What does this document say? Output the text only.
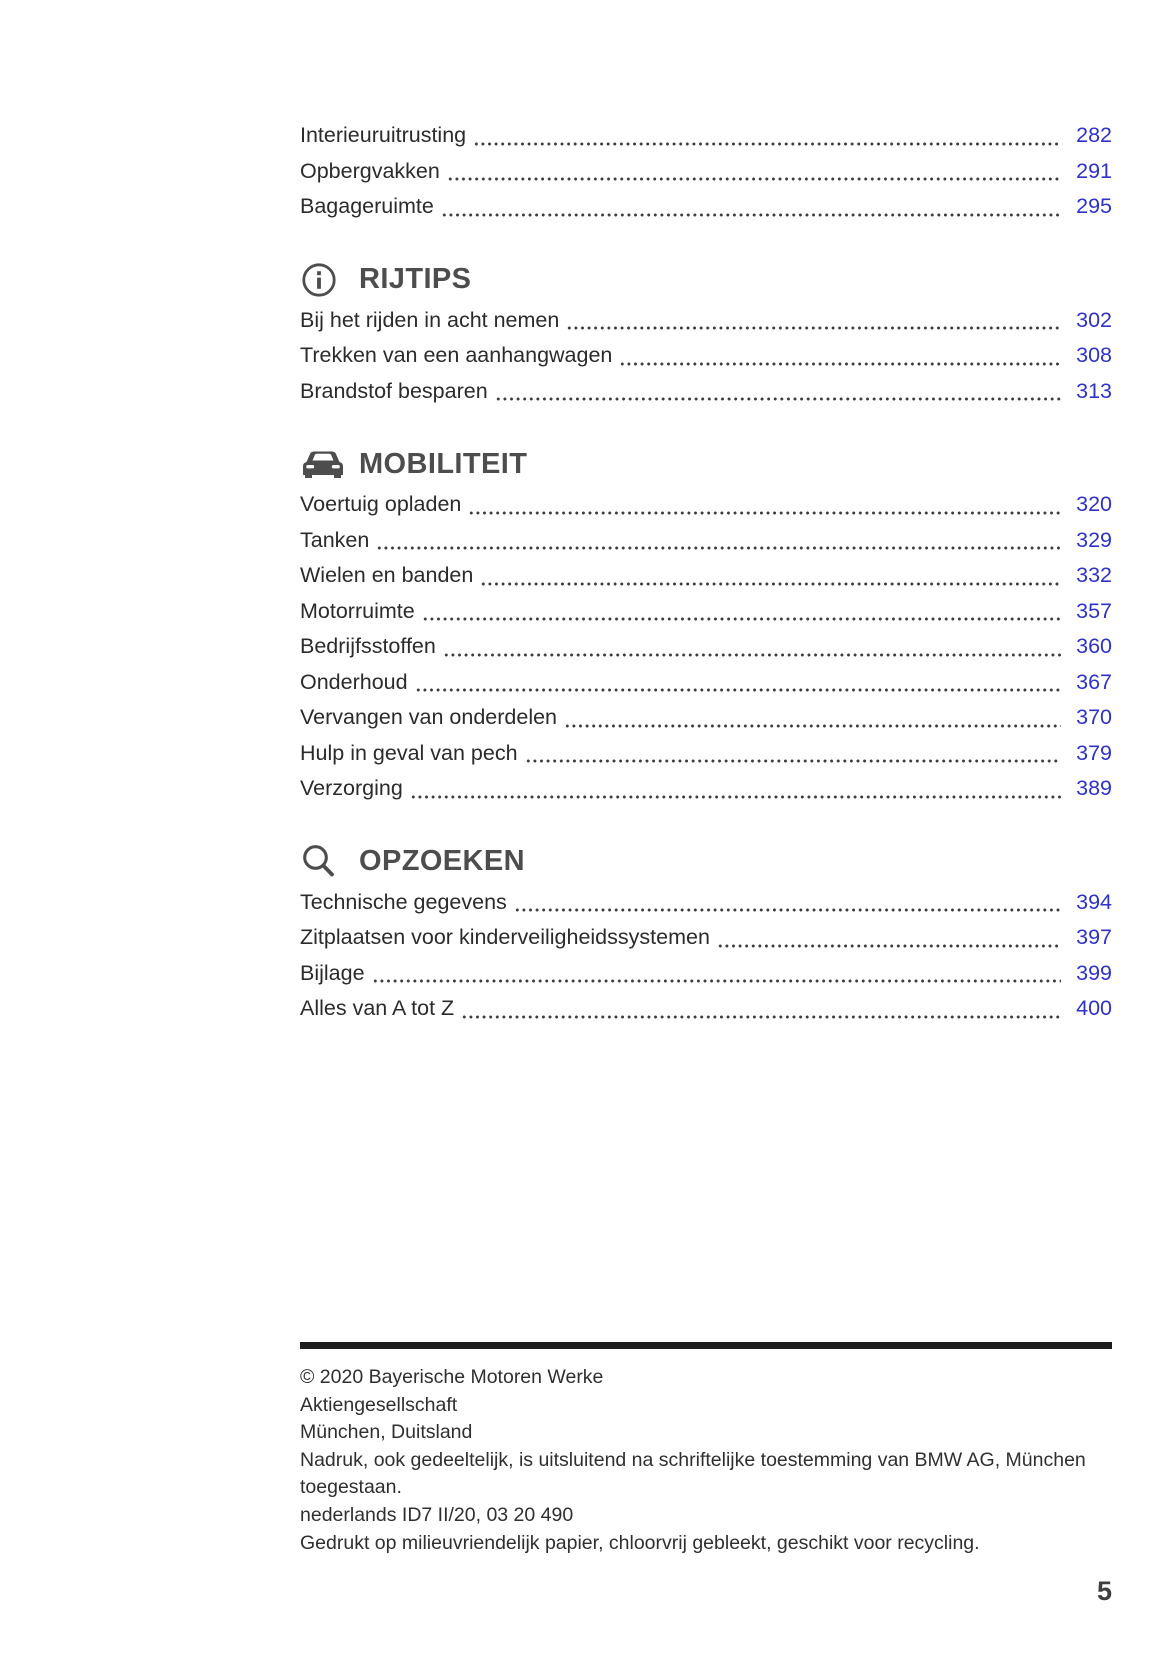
Interieuruitrusting	282
Opbergvakken	291
Bagageruimte	295
RIJTIPS
Bij het rijden in acht nemen	302
Trekken van een aanhangwagen	308
Brandstof besparen	313
MOBILITEIT
Voertuig opladen	320
Tanken	329
Wielen en banden	332
Motorruimte	357
Bedrijfsstoffen	360
Onderhoud	367
Vervangen van onderdelen	370
Hulp in geval van pech	379
Verzorging	389
OPZOEKEN
Technische gegevens	394
Zitplaatsen voor kinderveiligheidssystemen	397
Bijlage	399
Alles van A tot Z	400

© 2020 Bayerische Motoren Werke

Aktiengesellschaft

München, Duitsland

Nadruk, ook gedeeltelijk, is uitsluitend na schriftelijke toestemming van BMW AG, München

toegestaan.

nederlands ID7 II/20, 03 20 490

Gedrukt op milieuvriendelijk papier, chloorvrij gebleekt, geschikt voor recycling.

5
